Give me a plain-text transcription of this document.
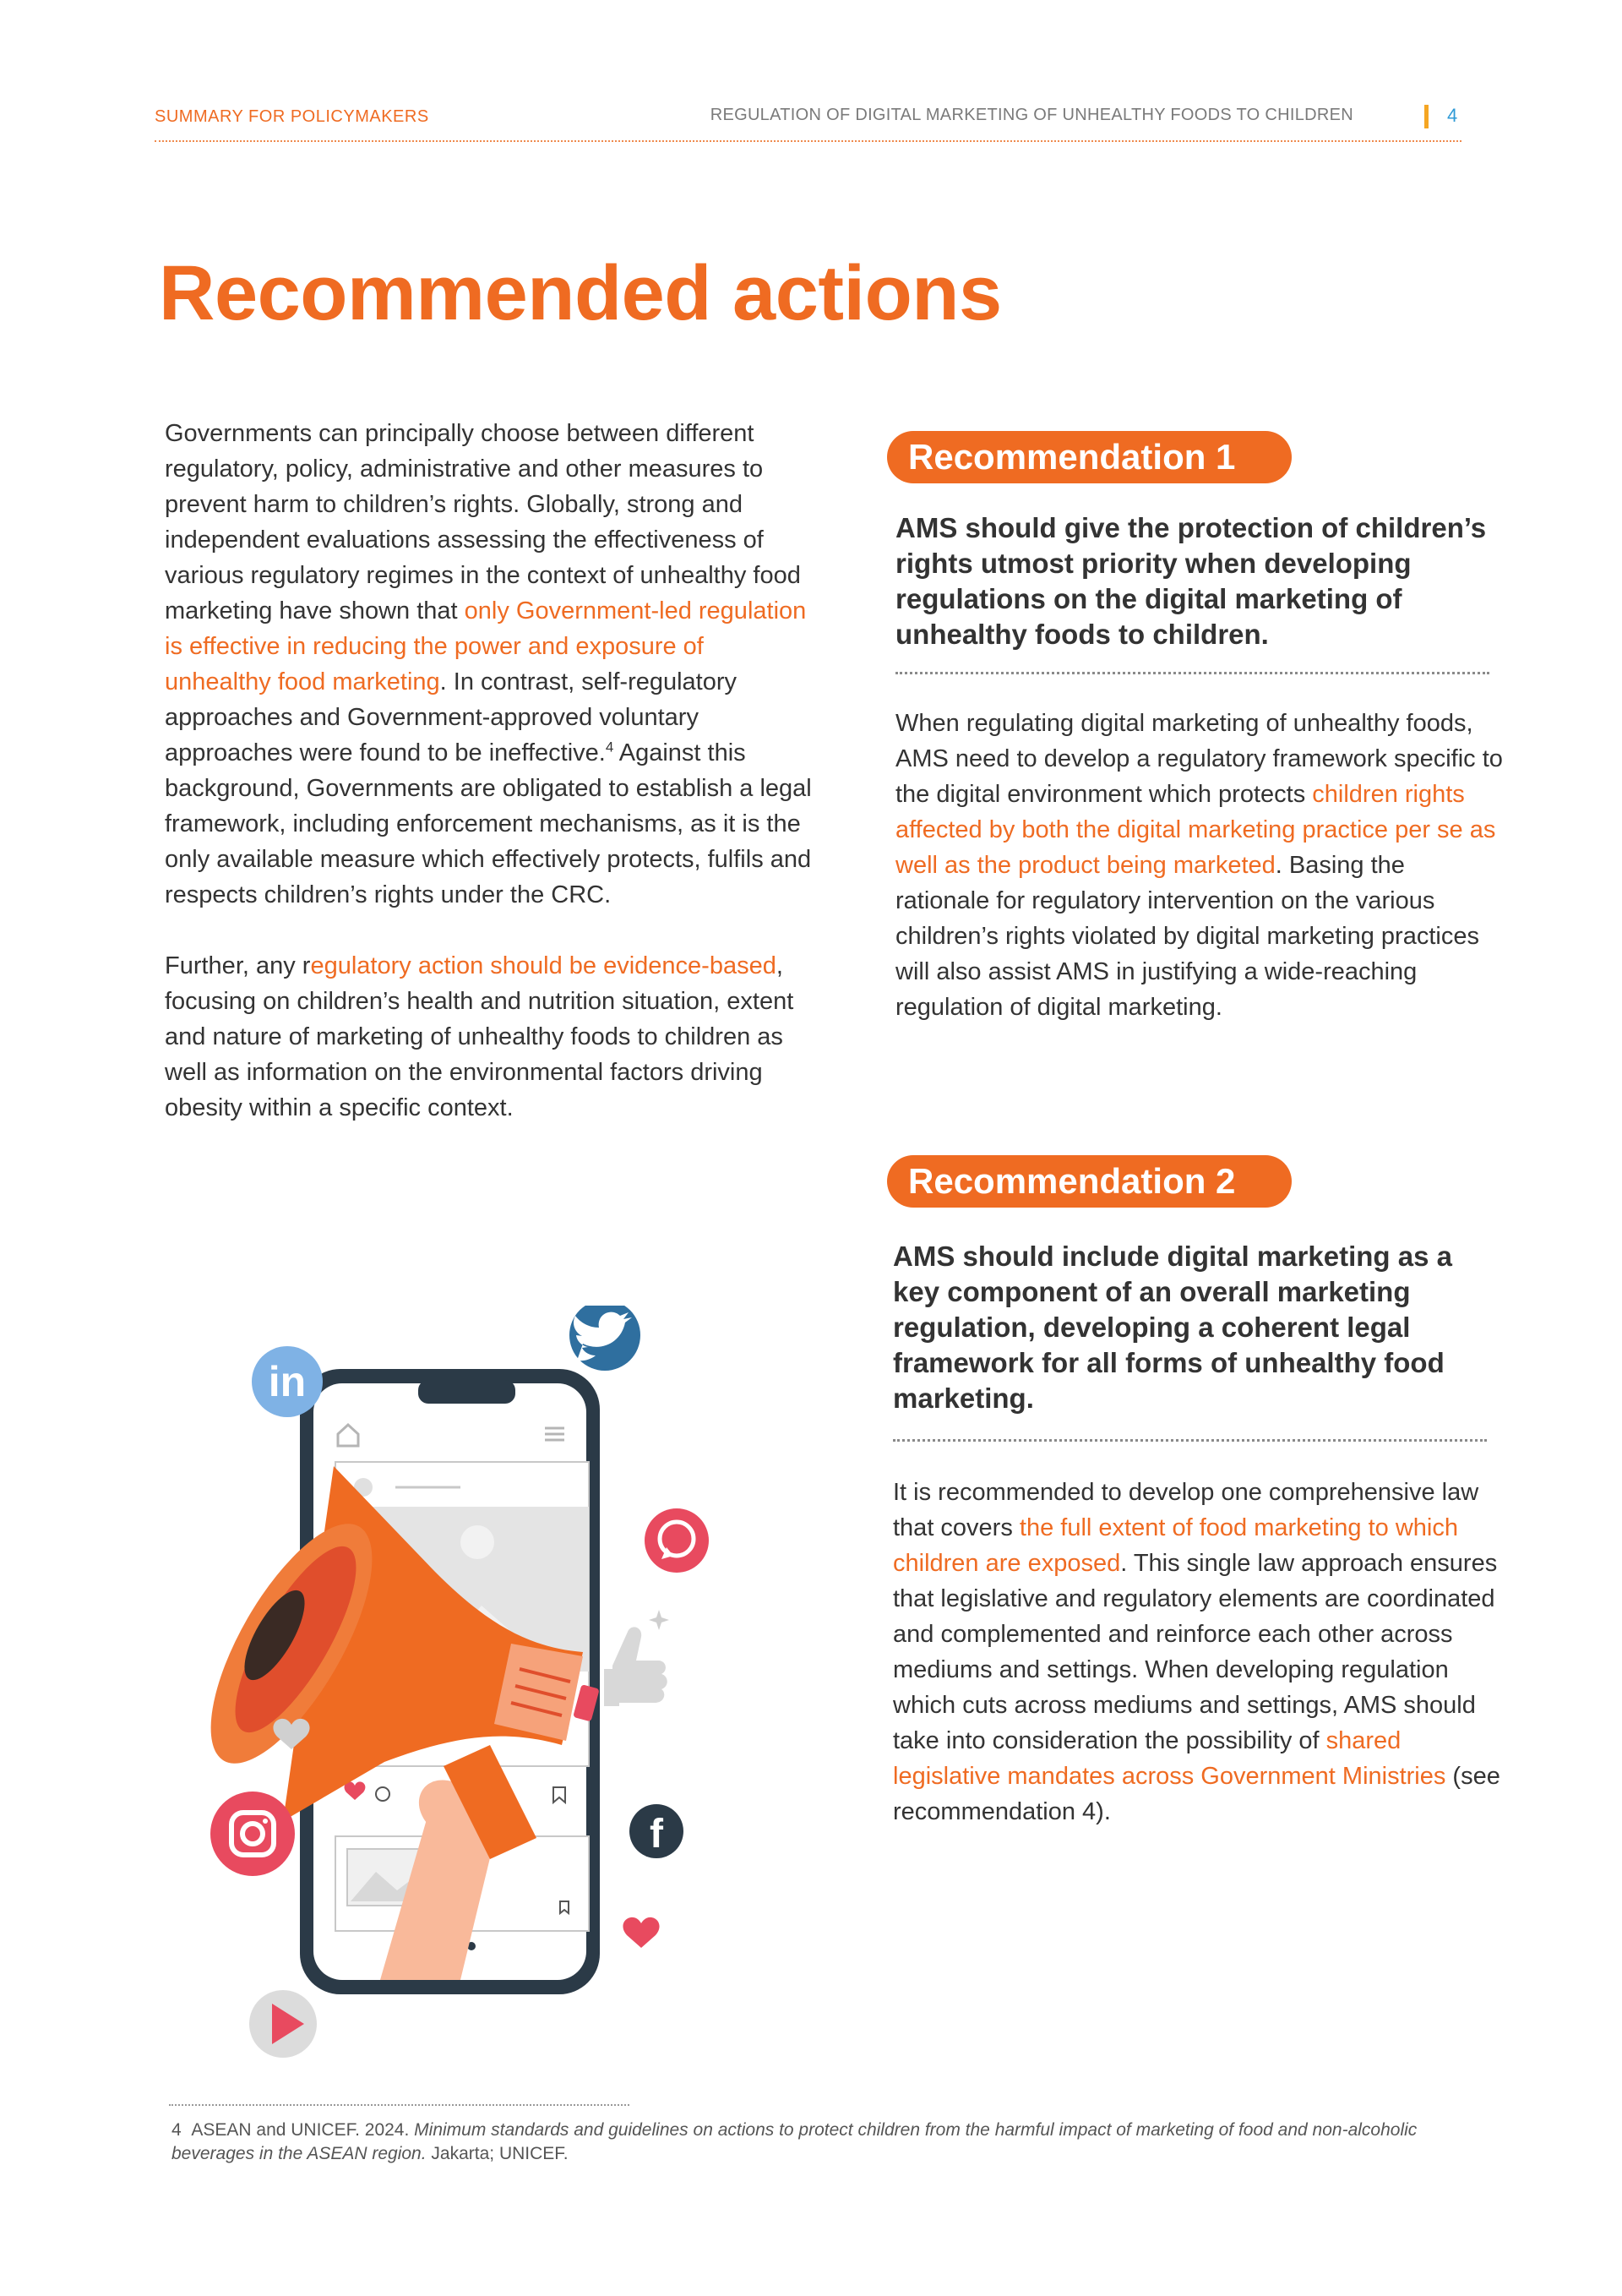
SUMMARY FOR POLICYMAKERS	REGULATION OF DIGITAL MARKETING OF UNHEALTHY FOODS TO CHILDREN	4
Recommended actions

Governments can principally choose between different regulatory, policy, administrative and other measures to prevent harm to children’s rights. Globally, strong and independent evaluations assessing the effectiveness of various regulatory regimes in the context of unhealthy food marketing have shown that only Government-led regulation is effective in reducing the power and exposure of unhealthy food marketing. In contrast, self-regulatory approaches and Government-approved voluntary approaches were found to be ineffective.$^4$ Against this background, Governments are obligated to establish a legal framework, including enforcement mechanisms, as it is the only available measure which effectively protects, fulfils and respects children’s rights under the CRC.

Further, any regulatory action should be evidence-based, focusing on children’s health and nutrition situation, extent and nature of marketing of unhealthy foods to children as well as information on the environmental factors driving obesity within a specific context.

Recommendation 1

AMS should give the protection of children’s rights utmost priority when developing regulations on the digital marketing of unhealthy foods to children.

When regulating digital marketing of unhealthy foods, AMS need to develop a regulatory framework specific to the digital environment which protects children rights affected by both the digital marketing practice per se as well as the product being marketed. Basing the rationale for regulatory intervention on the various children’s rights violated by digital marketing practices will also assist AMS in justifying a wide-reaching regulation of digital marketing.

Recommendation 2

AMS should include digital marketing as a key component of an overall marketing regulation, developing a coherent legal framework for all forms of unhealthy food marketing.

It is recommended to develop one comprehensive law that covers the full extent of food marketing to which children are exposed. This single law approach ensures that legislative and regulatory elements are coordinated and complemented and reinforce each other across mediums and settings. When developing regulation which cuts across mediums and settings, AMS should take into consideration the possibility of shared legislative mandates across Government Ministries (see recommendation 4).

in
f

4 ASEAN and UNICEF. 2024. Minimum standards and guidelines on actions to protect children from the harmful impact of marketing of food and non-alcoholic beverages in the ASEAN region. Jakarta; UNICEF.
